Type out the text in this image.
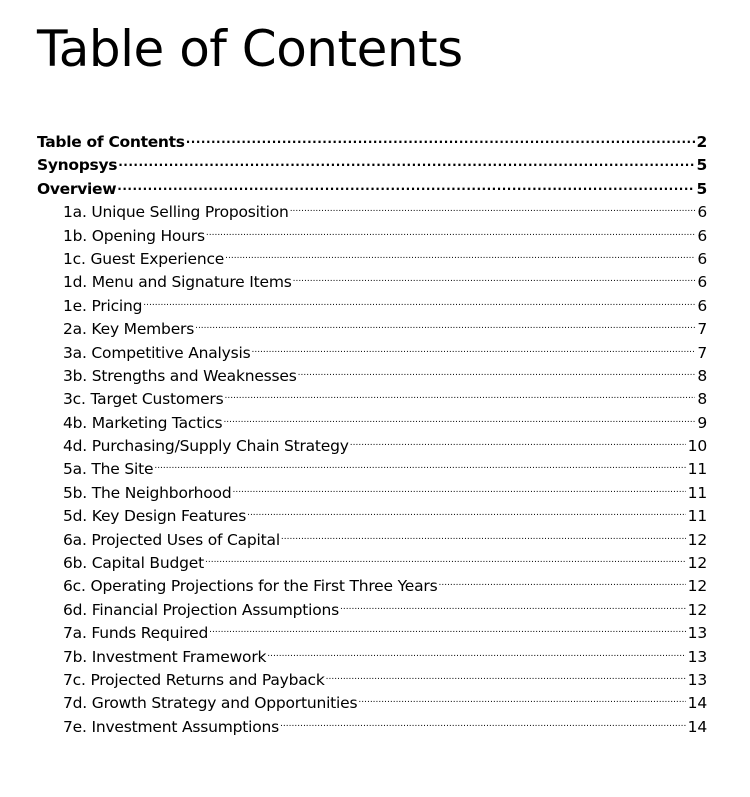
Table of Contents
Table of Contents .....	2
Synopsys .....	5
Overview .....	5
1a. Unique Selling Proposition .....	6
1b. Opening Hours .....	6
1c. Guest Experience .....	6
1d. Menu and Signature Items .....	6
1e. Pricing .....	6
2a. Key Members .....	7
3a. Competitive Analysis .....	7
3b. Strengths and Weaknesses .....	8
3c. Target Customers .....	8
4b. Marketing Tactics .....	9
4d. Purchasing/Supply Chain Strategy .....	10
5a. The Site .....	11
5b. The Neighborhood .....	11
5d. Key Design Features .....	11
6a. Projected Uses of Capital .....	12
6b. Capital Budget .....	12
6c. Operating Projections for the First Three Years .....	12
6d. Financial Projection Assumptions .....	12
7a. Funds Required .....	13
7b. Investment Framework .....	13
7c. Projected Returns and Payback .....	13
7d. Growth Strategy and Opportunities .....	14
7e. Investment Assumptions .....	14
